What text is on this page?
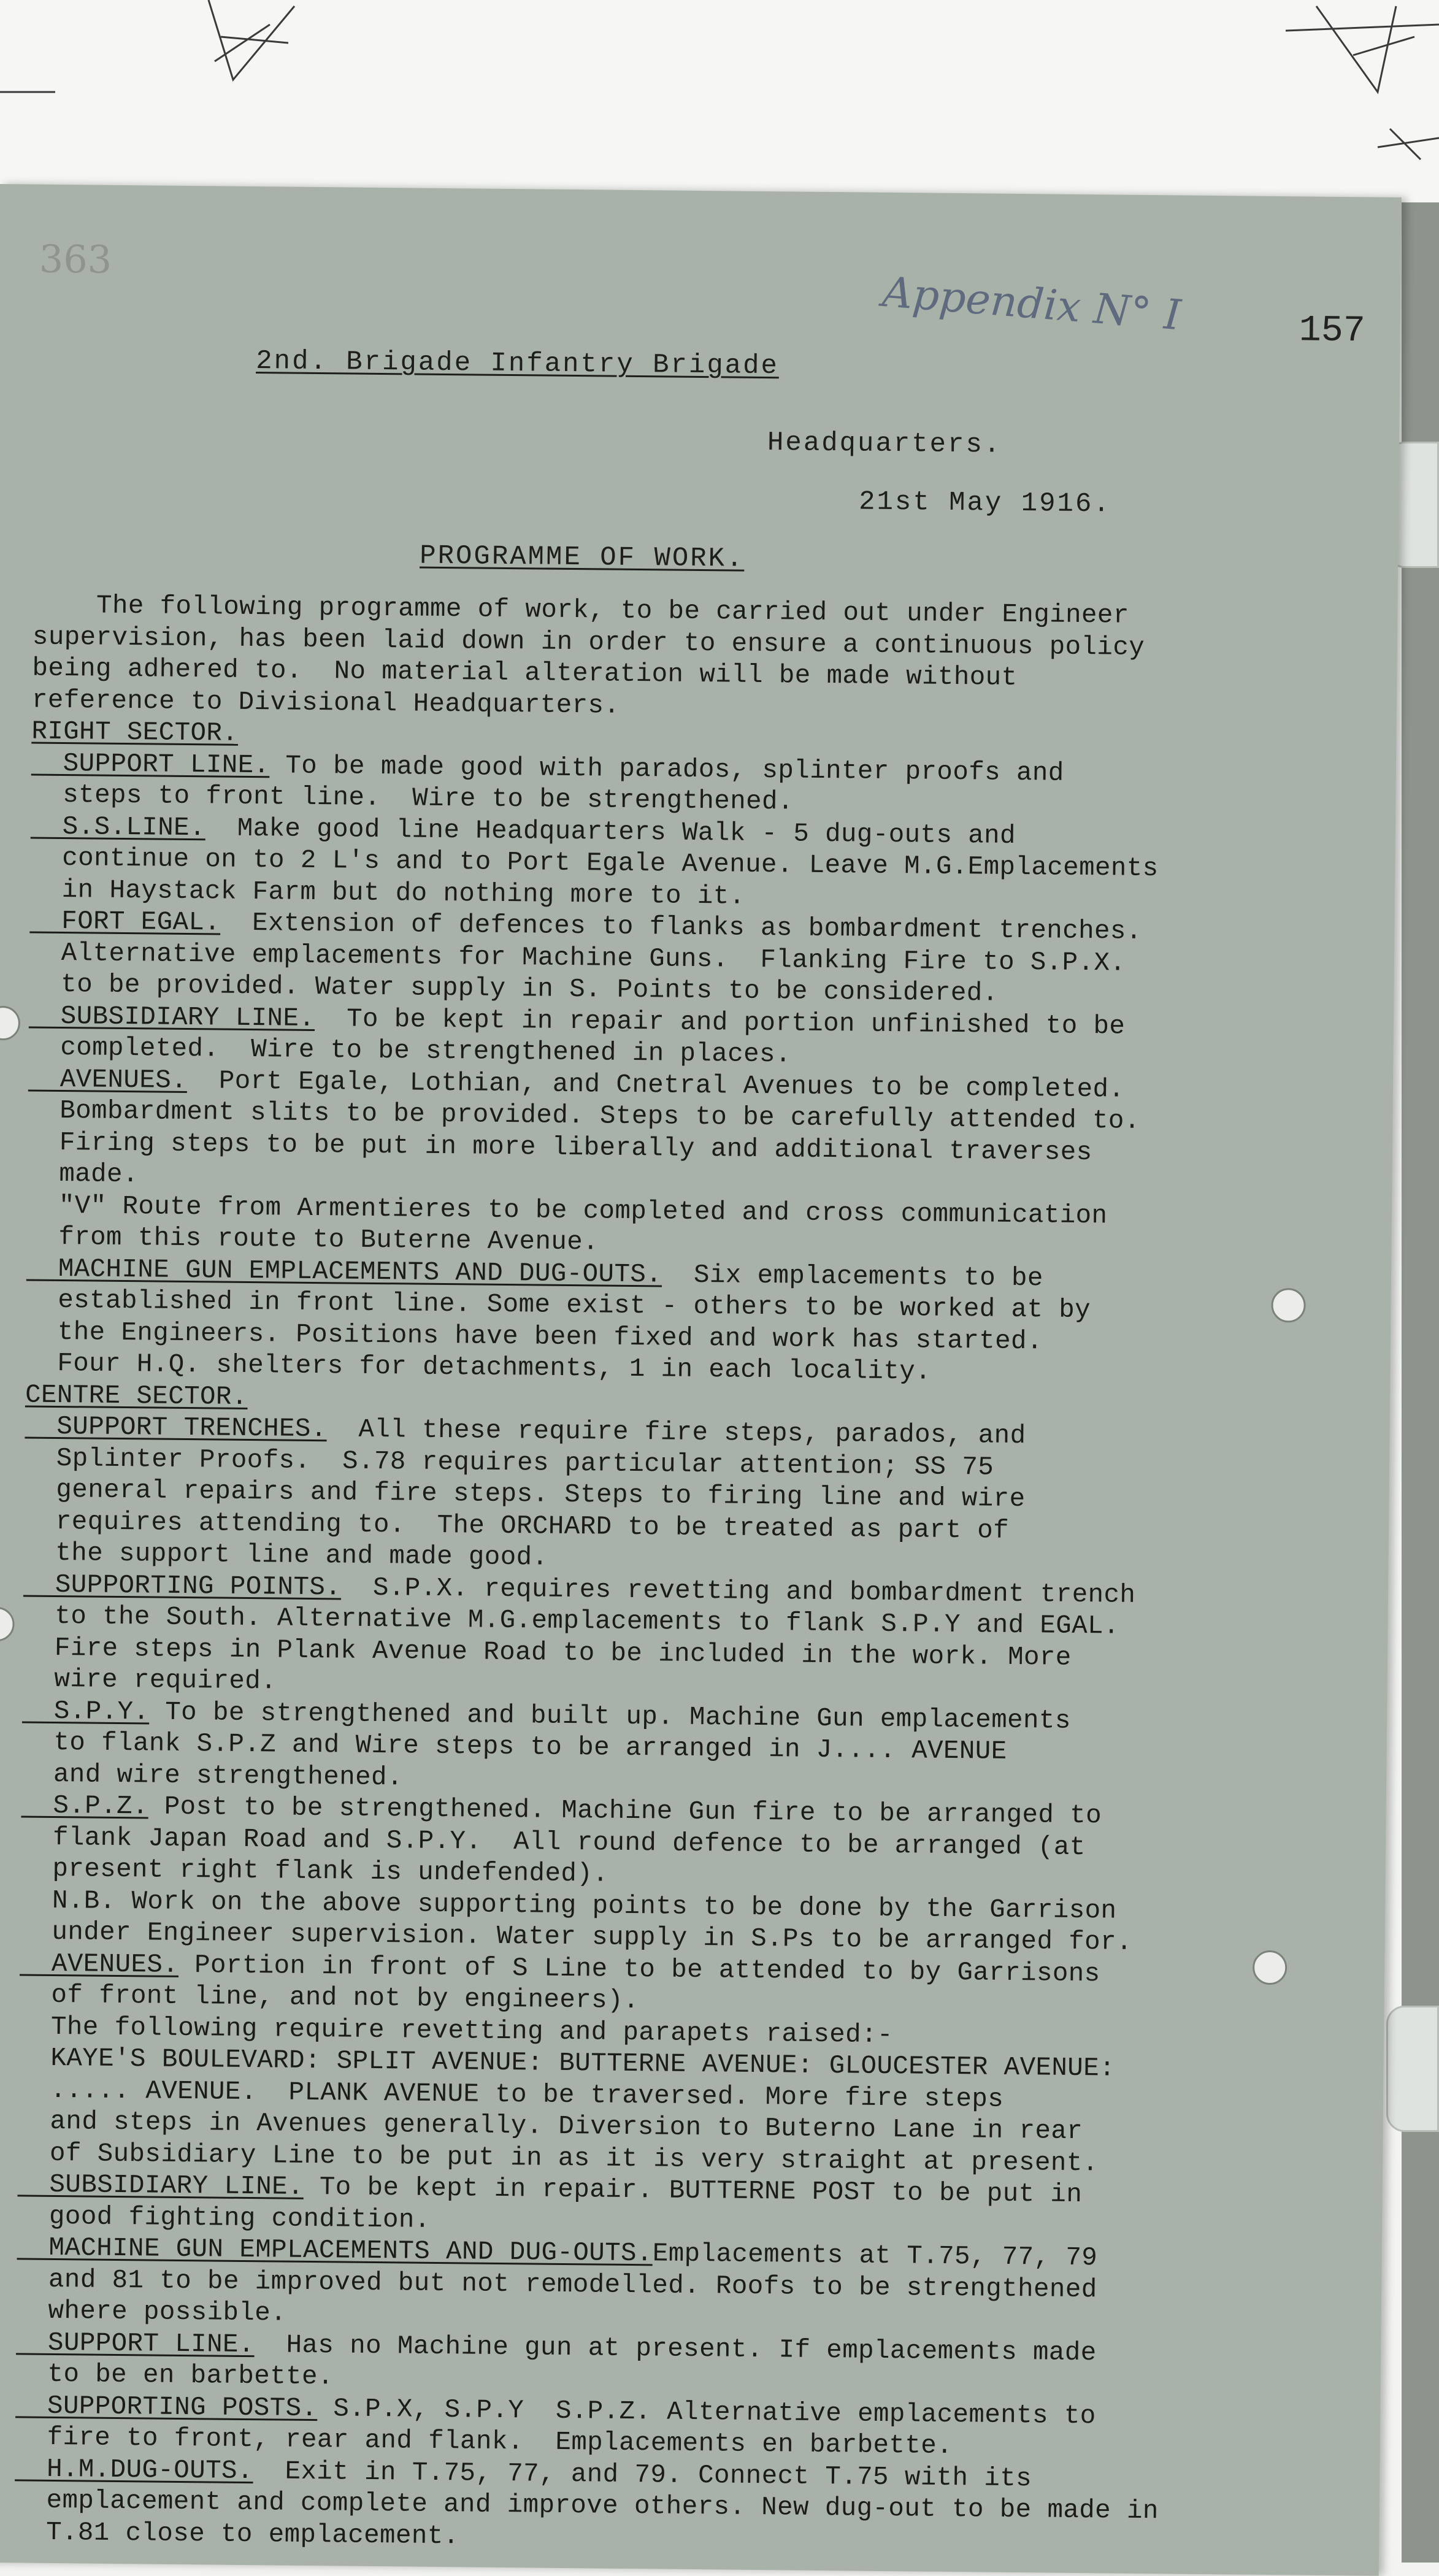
363
Appendix N° I	157
2nd. Brigade Infantry Brigade
Headquarters.
21st May 1916.
PROGRAMME OF WORK.
The following programme of work, to be carried out under Engineer
supervision, has been laid down in order to ensure a continuous policy
being adhered to.  No material alteration will be made without
reference to Divisional Headquarters.
RIGHT SECTOR.
SUPPORT LINE. To be made good with parados, splinter proofs and
steps to front line.  Wire to be strengthened.
S.S.LINE.  Make good line Headquarters Walk - 5 dug-outs and
continue on to 2 L's and to Port Egale Avenue. Leave M.G.Emplacements
in Haystack Farm but do nothing more to it.
FORT EGAL.  Extension of defences to flanks as bombardment trenches.
Alternative emplacements for Machine Guns.  Flanking Fire to S.P.X.
to be provided. Water supply in S. Points to be considered.
SUBSIDIARY LINE.  To be kept in repair and portion unfinished to be
completed.  Wire to be strengthened in places.
AVENUES.  Port Egale, Lothian, and Cnetral Avenues to be completed.
Bombardment slits to be provided. Steps to be carefully attended to.
Firing steps to be put in more liberally and additional traverses
made.
"V" Route from Armentieres to be completed and cross communication
from this route to Buterne Avenue.
MACHINE GUN EMPLACEMENTS AND DUG-OUTS.  Six emplacements to be
established in front line. Some exist - others to be worked at by
the Engineers. Positions have been fixed and work has started.
Four H.Q. shelters for detachments, 1 in each locality.
CENTRE SECTOR.
SUPPORT TRENCHES.  All these require fire steps, parados, and
Splinter Proofs.  S.78 requires particular attention; SS 75
general repairs and fire steps. Steps to firing line and wire
requires attending to.  The ORCHARD to be treated as part of
the support line and made good.
SUPPORTING POINTS.  S.P.X. requires revetting and bombardment trench
to the South. Alternative M.G.emplacements to flank S.P.Y and EGAL.
Fire steps in Plank Avenue Road to be included in the work. More
wire required.
S.P.Y. To be strengthened and built up. Machine Gun emplacements
to flank S.P.Z and Wire steps to be arranged in J.... AVENUE
and wire strengthened.
S.P.Z. Post to be strengthened. Machine Gun fire to be arranged to
flank Japan Road and S.P.Y.  All round defence to be arranged (at
present right flank is undefended).
N.B. Work on the above supporting points to be done by the Garrison
under Engineer supervision. Water supply in S.Ps to be arranged for.
AVENUES. Portion in front of S Line to be attended to by Garrisons
of front line, and not by engineers).
The following require revetting and parapets raised:-
KAYE'S BOULEVARD: SPLIT AVENUE: BUTTERNE AVENUE: GLOUCESTER AVENUE:
..... AVENUE.  PLANK AVENUE to be traversed. More fire steps
and steps in Avenues generally. Diversion to Buterno Lane in rear
of Subsidiary Line to be put in as it is very straight at present.
SUBSIDIARY LINE. To be kept in repair. BUTTERNE POST to be put in
good fighting condition.
MACHINE GUN EMPLACEMENTS AND DUG-OUTS.Emplacements at T.75, 77, 79
and 81 to be improved but not remodelled. Roofs to be strengthened
where possible.
SUPPORT LINE.  Has no Machine gun at present. If emplacements made
to be en barbette.
SUPPORTING POSTS. S.P.X, S.P.Y  S.P.Z. Alternative emplacements to
fire to front, rear and flank.  Emplacements en barbette.
H.M.DUG-OUTS.  Exit in T.75, 77, and 79. Connect T.75 with its
emplacement and complete and improve others. New dug-out to be made in
T.81 close to emplacement.
